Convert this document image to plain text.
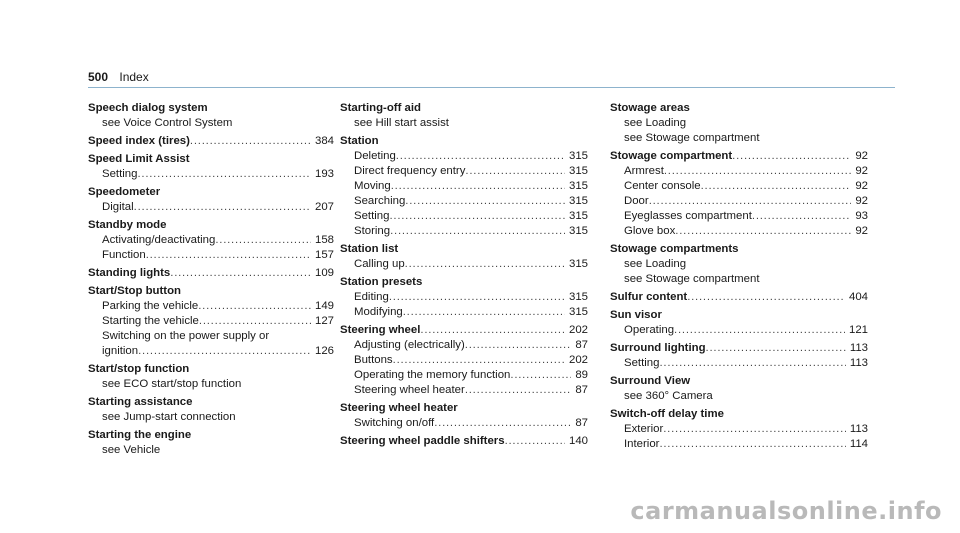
500 Index
Speech dialog system
see Voice Control System
Speed index (tires) . . .	384
Speed Limit Assist
Setting . . .	193
Speedometer
Digital . . .	207
Standby mode
Activating/deactivating . . .	158
Function . . .	157
Standing lights . . .	109
Start/Stop button
Parking the vehicle . . .	149
Starting the vehicle . . .	127
Switching on the power supply or
ignition . . .	126
Start/stop function
see ECO start/stop function
Starting assistance
see Jump-start connection
Starting the engine
see Vehicle
Starting-off aid
see Hill start assist
Station
Deleting . . .	315
Direct frequency entry . . .	315
Moving . . .	315
Searching . . .	315
Setting . . .	315
Storing . . .	315
Station list
Calling up . . .	315
Station presets
Editing . . .	315
Modifying . . .	315
Steering wheel . . .	202
Adjusting (electrically) . . .	87
Buttons . . .	202
Operating the memory function . . .	89
Steering wheel heater . . .	87
Steering wheel heater
Switching on/off . . .	87
Steering wheel paddle shifters . . .	140
Stowage areas
see Loading
see Stowage compartment
Stowage compartment . . .	92
Armrest . . .	92
Center console . . .	92
Door . . .	92
Eyeglasses compartment . . .	93
Glove box . . .	92
Stowage compartments
see Loading
see Stowage compartment
Sulfur content . . .	404
Sun visor
Operating . . .	121
Surround lighting . . .	113
Setting . . .	113
Surround View
see 360° Camera
Switch-off delay time
Exterior . . .	113
Interior . . .	114
carmanualsonline.info
